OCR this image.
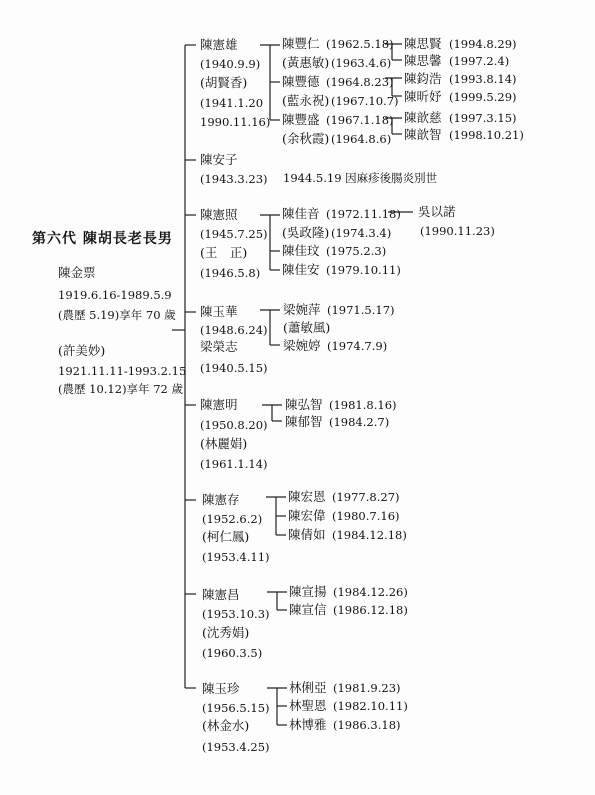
第六代 陳胡長老長男
陳金票
1919.6.16-1989.5.9
(農歷 5.19)享年 70 歲
(許美妙)
1921.11.11-1993.2.15
(農歷 10.12)享年 72 歲
陳憲雄
(1940.9.9)
(胡賢香)
(1941.1.20
1990.11.16)
陳豐仁 (1962.5.18)
(黃惠敏) (1963.4.6)
陳豐德 (1964.8.23)
(藍永祝) (1967.10.7)
陳豐盛 (1967.1.18)
(余秋霞) (1964.8.6)
陳思賢 (1994.8.29)
陳思馨 (1997.2.4)
陳鈞浩 (1993.8.14)
陳昕妤 (1999.5.29)
陳歆慈 (1997.3.15)
陳歆智 (1998.10.21)
陳安子
(1943.3.23) 1944.5.19 因麻疹後腸炎別世
陳憲照
(1945.7.25)
(王　正)
(1946.5.8)
陳佳音 (1972.11.18)
(吳政隆) (1974.3.4)
陳佳玟 (1975.2.3)
陳佳安 (1979.10.11)
吳以諾
(1990.11.23)
陳玉華
(1948.6.24)
梁榮志
(1940.5.15)
梁婉萍 (1971.5.17)
(蕭敏風)
梁婉婷 (1974.7.9)
陳憲明
(1950.8.20)
(林麗娟)
(1961.1.14)
陳弘智 (1981.8.16)
陳郁智 (1984.2.7)
陳憲存
(1952.6.2)
(柯仁鳳)
(1953.4.11)
陳宏恩 (1977.8.27)
陳宏偉 (1980.7.16)
陳倩如 (1984.12.18)
陳憲昌
(1953.10.3)
(沈秀娟)
(1960.3.5)
陳宣揚 (1984.12.26)
陳宣信 (1986.12.18)
陳玉珍
(1956.5.15)
(林金水)
(1953.4.25)
林俐亞 (1981.9.23)
林聖恩 (1982.10.11)
林博雅 (1986.3.18)
